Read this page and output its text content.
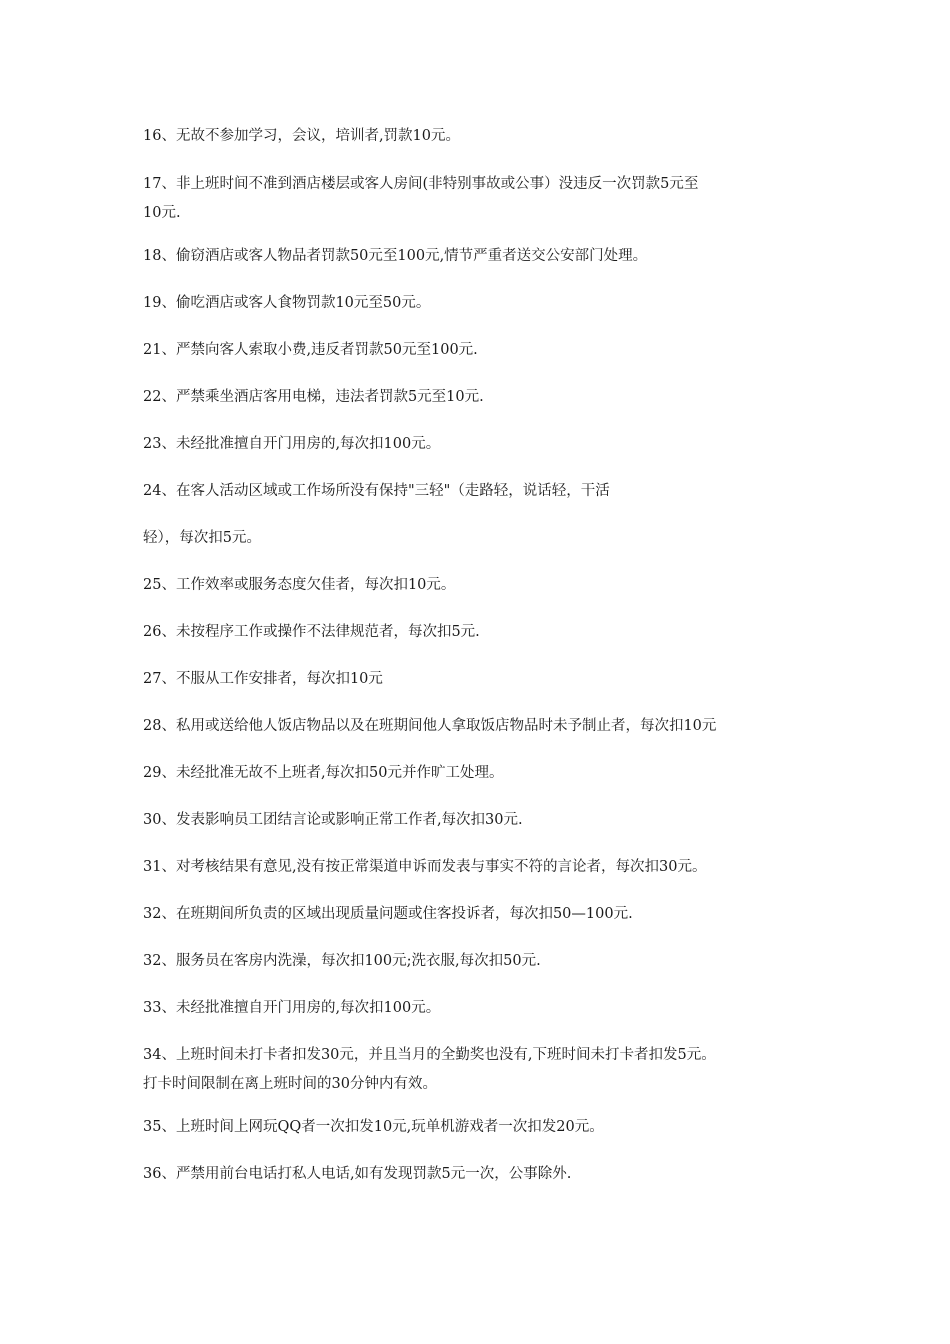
16、无故不参加学习，会议，培训者,罚款10元。

17、非上班时间不准到酒店楼层或客人房间(非特别事故或公事）没违反一次罚款5元至
10元.

18、偷窃酒店或客人物品者罚款50元至100元,情节严重者送交公安部门处理。

19、偷吃酒店或客人食物罚款10元至50元。

21、严禁向客人索取小费,违反者罚款50元至100元.

22、严禁乘坐酒店客用电梯，违法者罚款5元至10元.

23、未经批准擅自开门用房的,每次扣100元。

24、在客人活动区域或工作场所没有保持"三轻"（走路轻，说话轻，干活

轻），每次扣5元。

25、工作效率或服务态度欠佳者，每次扣10元。

26、未按程序工作或操作不法律规范者，每次扣5元.

27、不服从工作安排者，每次扣10元

28、私用或送给他人饭店物品以及在班期间他人拿取饭店物品时未予制止者，每次扣10元

29、未经批准无故不上班者,每次扣50元并作旷工处理。

30、发表影响员工团结言论或影响正常工作者,每次扣30元.

31、对考核结果有意见,没有按正常渠道申诉而发表与事实不符的言论者，每次扣30元。

32、在班期间所负责的区域出现质量问题或住客投诉者，每次扣50—100元.

32、服务员在客房内洗澡，每次扣100元;洗衣服,每次扣50元.

33、未经批准擅自开门用房的,每次扣100元。

34、上班时间未打卡者扣发30元，并且当月的全勤奖也没有,下班时间未打卡者扣发5元。
打卡时间限制在离上班时间的30分钟内有效。

35、上班时间上网玩QQ者一次扣发10元,玩单机游戏者一次扣发20元。

36、严禁用前台电话打私人电话,如有发现罚款5元一次，公事除外.
